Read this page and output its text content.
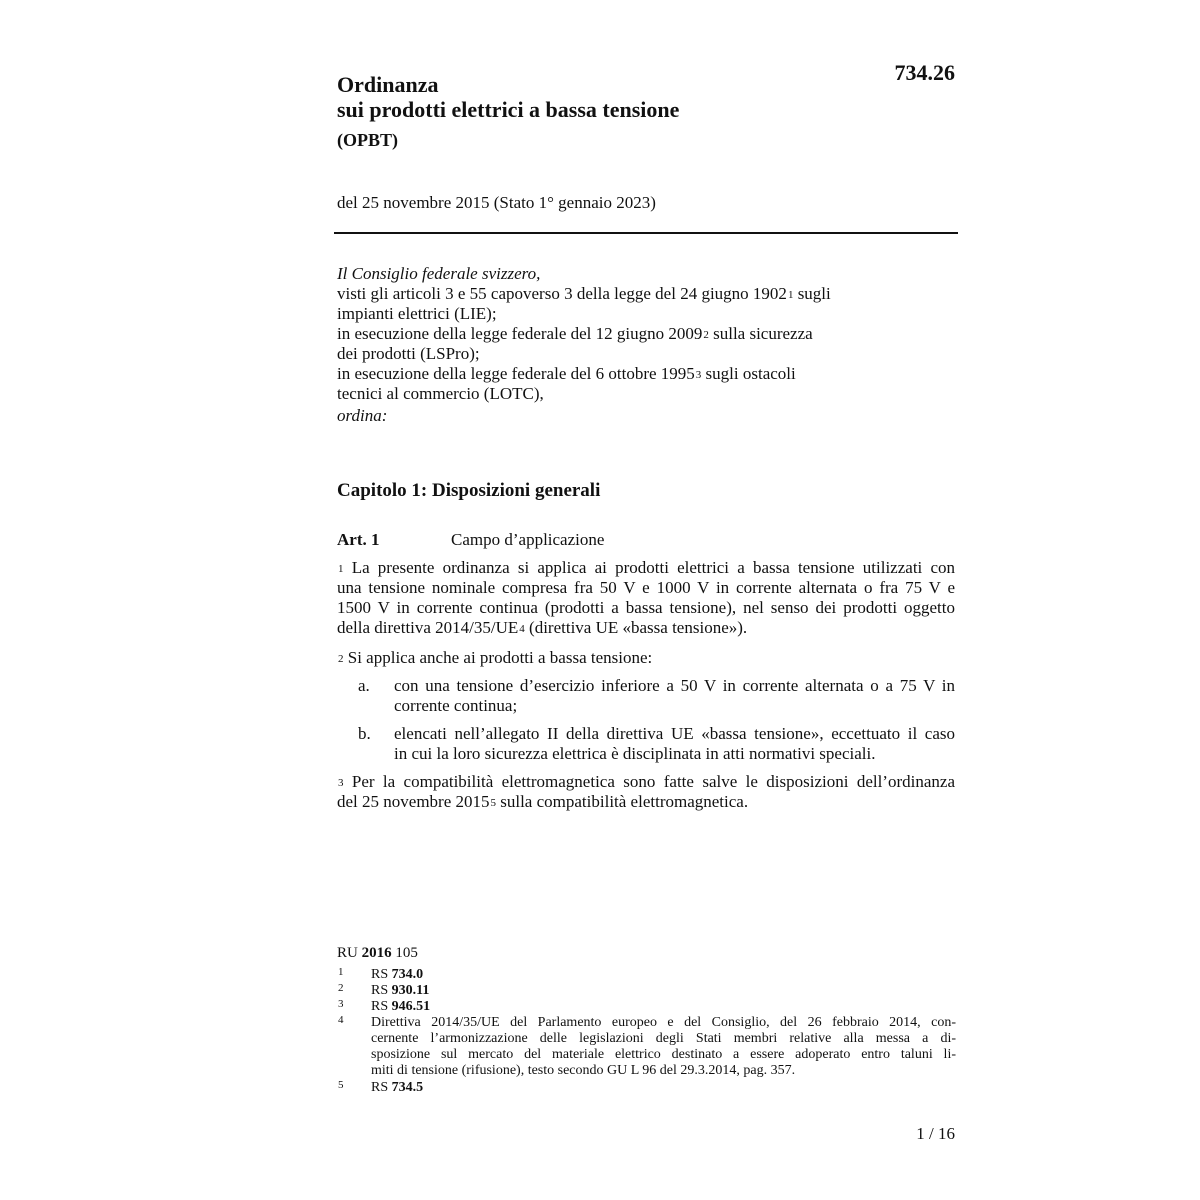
Ordinanza
sui prodotti elettrici a bassa tensione
(OPBT)
734.26
del 25 novembre 2015 (Stato 1° gennaio 2023)
Il Consiglio federale svizzero,
visti gli articoli 3 e 55 capoverso 3 della legge del 24 giugno 1902$^1$ sugli
impianti elettrici (LIE);
in esecuzione della legge federale del 12 giugno 2009$^2$ sulla sicurezza
dei prodotti (LSPro);
in esecuzione della legge federale del 6 ottobre 1995$^3$ sugli ostacoli
tecnici al commercio (LOTC),
ordina:
Capitolo 1: Disposizioni generali
Art. 1	Campo d’applicazione
$^1$ La presente ordinanza si applica ai prodotti elettrici a bassa tensione utilizzati con
una tensione nominale compresa fra 50 V e 1000 V in corrente alternata o fra 75 V e
1500 V in corrente continua (prodotti a bassa tensione), nel senso dei prodotti oggetto
della direttiva 2014/35/UE$^4$ (direttiva UE «bassa tensione»).
$^2$ Si applica anche ai prodotti a bassa tensione:
a. con una tensione d’esercizio inferiore a 50 V in corrente alternata o a 75 V in
corrente continua;
b. elencati nell’allegato II della direttiva UE «bassa tensione», eccettuato il caso
in cui la loro sicurezza elettrica è disciplinata in atti normativi speciali.
$^3$ Per la compatibilità elettromagnetica sono fatte salve le disposizioni dell’ordinanza
del 25 novembre 2015$^5$ sulla compatibilità elettromagnetica.
RU 2016 105
1 RS 734.0
2 RS 930.11
3 RS 946.51
4 Direttiva 2014/35/UE del Parlamento europeo e del Consiglio, del 26 febbraio 2014, con-
cernente l’armonizzazione delle legislazioni degli Stati membri relative alla messa a di-
sposizione sul mercato del materiale elettrico destinato a essere adoperato entro taluni li-
miti di tensione (rifusione), testo secondo GU L 96 del 29.3.2014, pag. 357.
5 RS 734.5
1 / 16
